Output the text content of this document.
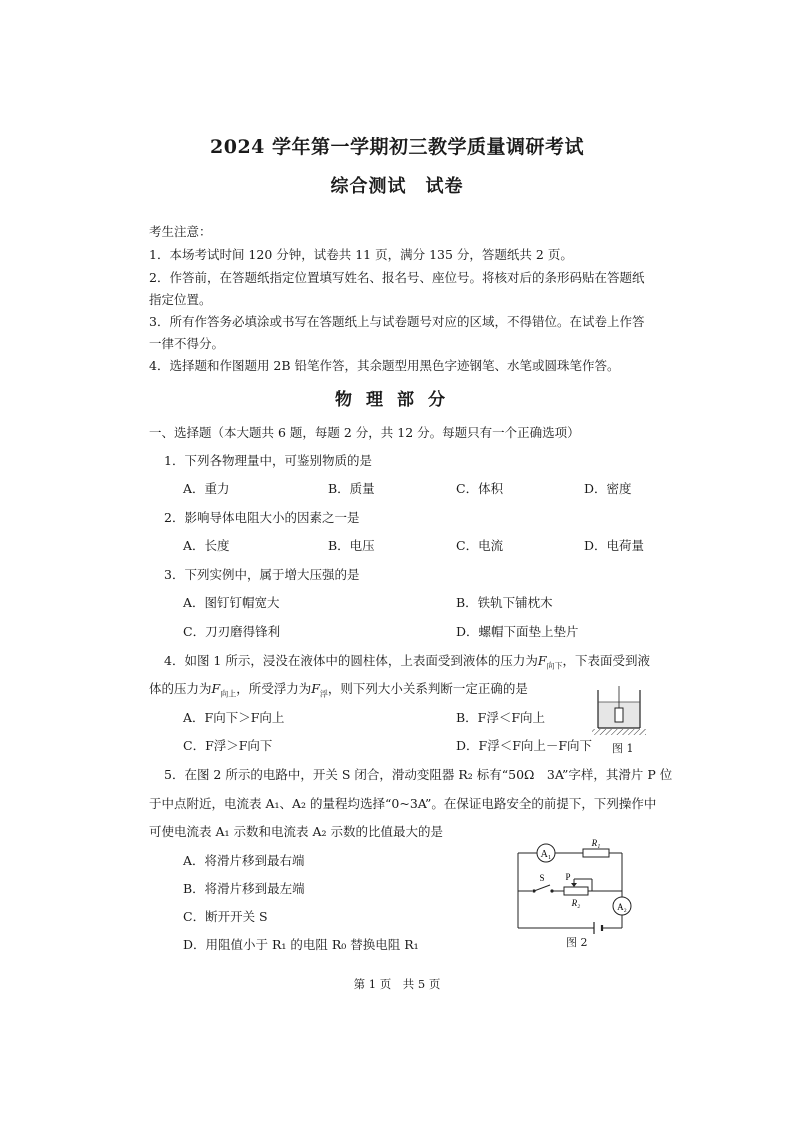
2024 学年第一学期初三教学质量调研考试
综合测试　试卷
考生注意：
1．本场考试时间 120 分钟，试卷共 11 页，满分 135 分，答题纸共 2 页。
2．作答前，在答题纸指定位置填写姓名、报名号、座位号。将核对后的条形码贴在答题纸
指定位置。
3．所有作答务必填涂或书写在答题纸上与试卷题号对应的区域，不得错位。在试卷上作答
一律不得分。
4．选择题和作图题用 2B 铅笔作答，其余题型用黑色字迹钢笔、水笔或圆珠笔作答。
物理部分
一、选择题（本大题共 6 题，每题 2 分，共 12 分。每题只有一个正确选项）
1．下列各物理量中，可鉴别物质的是
A．重力	B．质量	C．体积	D．密度
2．影响导体电阻大小的因素之一是
A．长度	B．电压	C．电流	D．电荷量
3．下列实例中，属于增大压强的是
A．图钉钉帽宽大	B．铁轨下铺枕木
C．刀刃磨得锋利	D．螺帽下面垫上垫片
4．如图 1 所示，浸没在液体中的圆柱体，上表面受到液体的压力为$F_{向下}$，下表面受到液
体的压力为$F_{向上}$，所受浮力为$F_浮$，则下列大小关系判断一定正确的是
A．F向下＞F向上	B．F浮＜F向上
C．F浮＞F向下	D．F浮＜F向上－F向下 图 1
5．在图 2 所示的电路中，开关 S 闭合，滑动变阻器 R₂ 标有“50Ω　3A”字样，其滑片 P 位
于中点附近，电流表 A₁、A₂ 的量程均选择“0~3A”。在保证电路安全的前提下，下列操作中
可使电流表 A₁ 示数和电流表 A₂ 示数的比值最大的是
A．将滑片移到最右端
B．将滑片移到最左端
C．断开开关 S
D．用阻值小于 R₁ 的电阻 R₀ 替换电阻 R₁
A₁
R₁
S P
R₂	A₂
图 2
第 1 页　共 5 页
